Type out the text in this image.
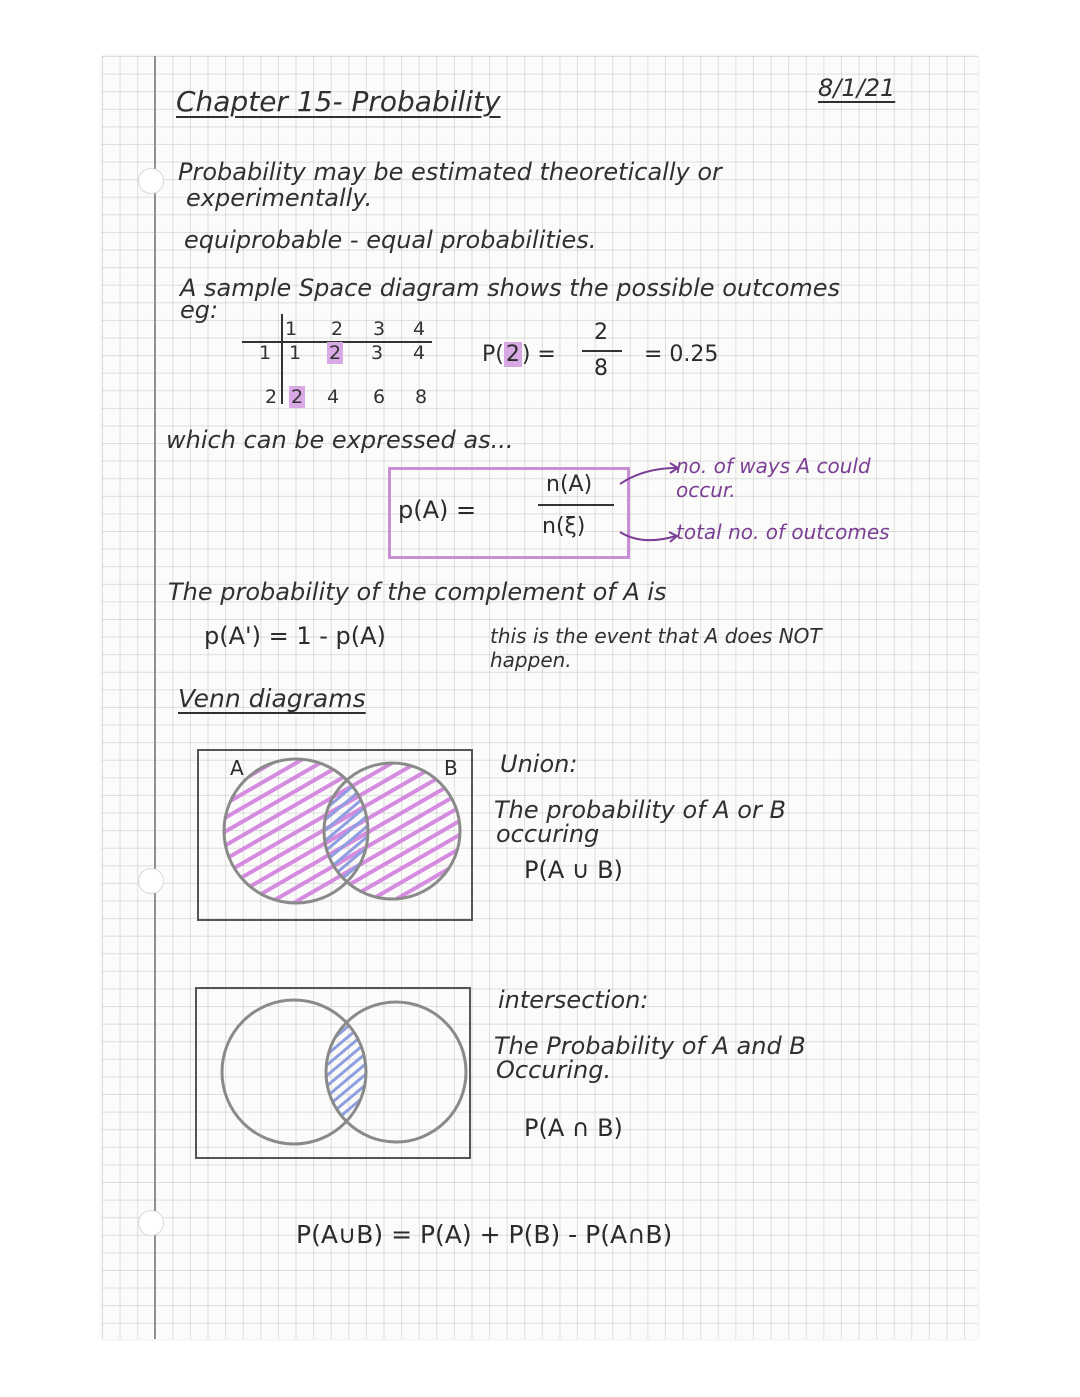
Chapter 15- Probability	8/1/21
Probability may be estimated theoretically or
experimentally.
equiprobable - equal probabilities.
A sample Space diagram shows the possible outcomes
eg:
1	2	3	4
1 1	2	3	4
2 2	4	6	8
P(2) =
2
8
= 0.25
which can be expressed as...
p(A) =
n(A)
n(ξ)
no. of ways A could
occur.
total no. of outcomes
The probability of the complement of A is
p(A') = 1 - p(A)	this is the event that A does NOT
happen.
Venn diagrams
A	B Union:
The probability of A or B
occuring
P(A ∪ B)
intersection:
The Probability of A and B
Occuring.
P(A ∩ B)
P(A∪B) = P(A) + P(B) - P(A∩B)
